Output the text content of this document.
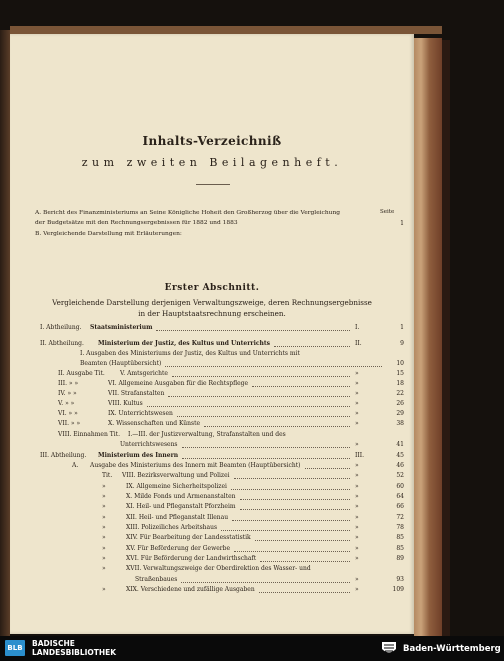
Inhalts-Verzeichniß
zum zweiten Beilagenheft.
Seite
A. Bericht des Finanzministeriums an Seine Königliche Hoheit den Großherzog über die Vergleichung
der Budgetsätze mit den Rechnungsergebnissen für 1882 und 1883	1
B. Vergleichende Darstellung mit Erläuterungen:
Erster Abschnitt.
Vergleichende Darstellung derjenigen Verwaltungszweige, deren Rechnungsergebnisse
in der Hauptstaatsrechnung erscheinen.
I. Abtheilung. Staatsministerium	I.	1
II. Abtheilung. Ministerium der Justiz, des Kultus und Unterrichts	II.	9
I. Ausgaben des Ministeriums der Justiz, des Kultus und Unterrichts mit
Beamten (Hauptübersicht)	10
II. Ausgabe Tit.	V. Amtsgerichte	»	15
III. » »	VI. Allgemeine Ausgaben für die Rechtspflege	»	18
IV. » »	VII. Strafanstalten	»	22
V. » »	VIII. Kultus	»	26
VI. » »	IX. Unterrichtswesen	»	29
VII. » »	X. Wissenschaften und Künste	»	38
VIII. Einnahmen Tit. I.—III. der Justizverwaltung, Strafanstalten und des
Unterrichtswesens	»	41
III. Abtheilung. Ministerium des Innern	III.	45
A. Ausgabe des Ministeriums des Innern mit Beamten (Hauptübersicht)	»	46
Tit. VIII. Bezirksverwaltung und Polizei	»	52
»	IX. Allgemeine Sicherheitspolizei	»	60
»	X. Milde Fonds und Armenanstalten	»	64
»	XI. Heil- und Pfleganstalt Pforzheim	»	66
»	XII. Heil- und Pfleganstalt Illenau	»	72
»	XIII. Polizeiliches Arbeitshaus	»	78
»	XIV. Für Bearbeitung der Landesstatistik	»	85
»	XV. Für Beförderung der Gewerbe	»	85
»	XVI. Für Beförderung der Landwirthschaft	»	89
»	XVII. Verwaltungszweige der Oberdirektion des Wasser- und
Straßenbaues	»	93
»	XIX. Verschiedene und zufällige Ausgaben	»	109
BLB	BADISCHE
LANDESBIBLIOTHEK	Baden-Württemberg
